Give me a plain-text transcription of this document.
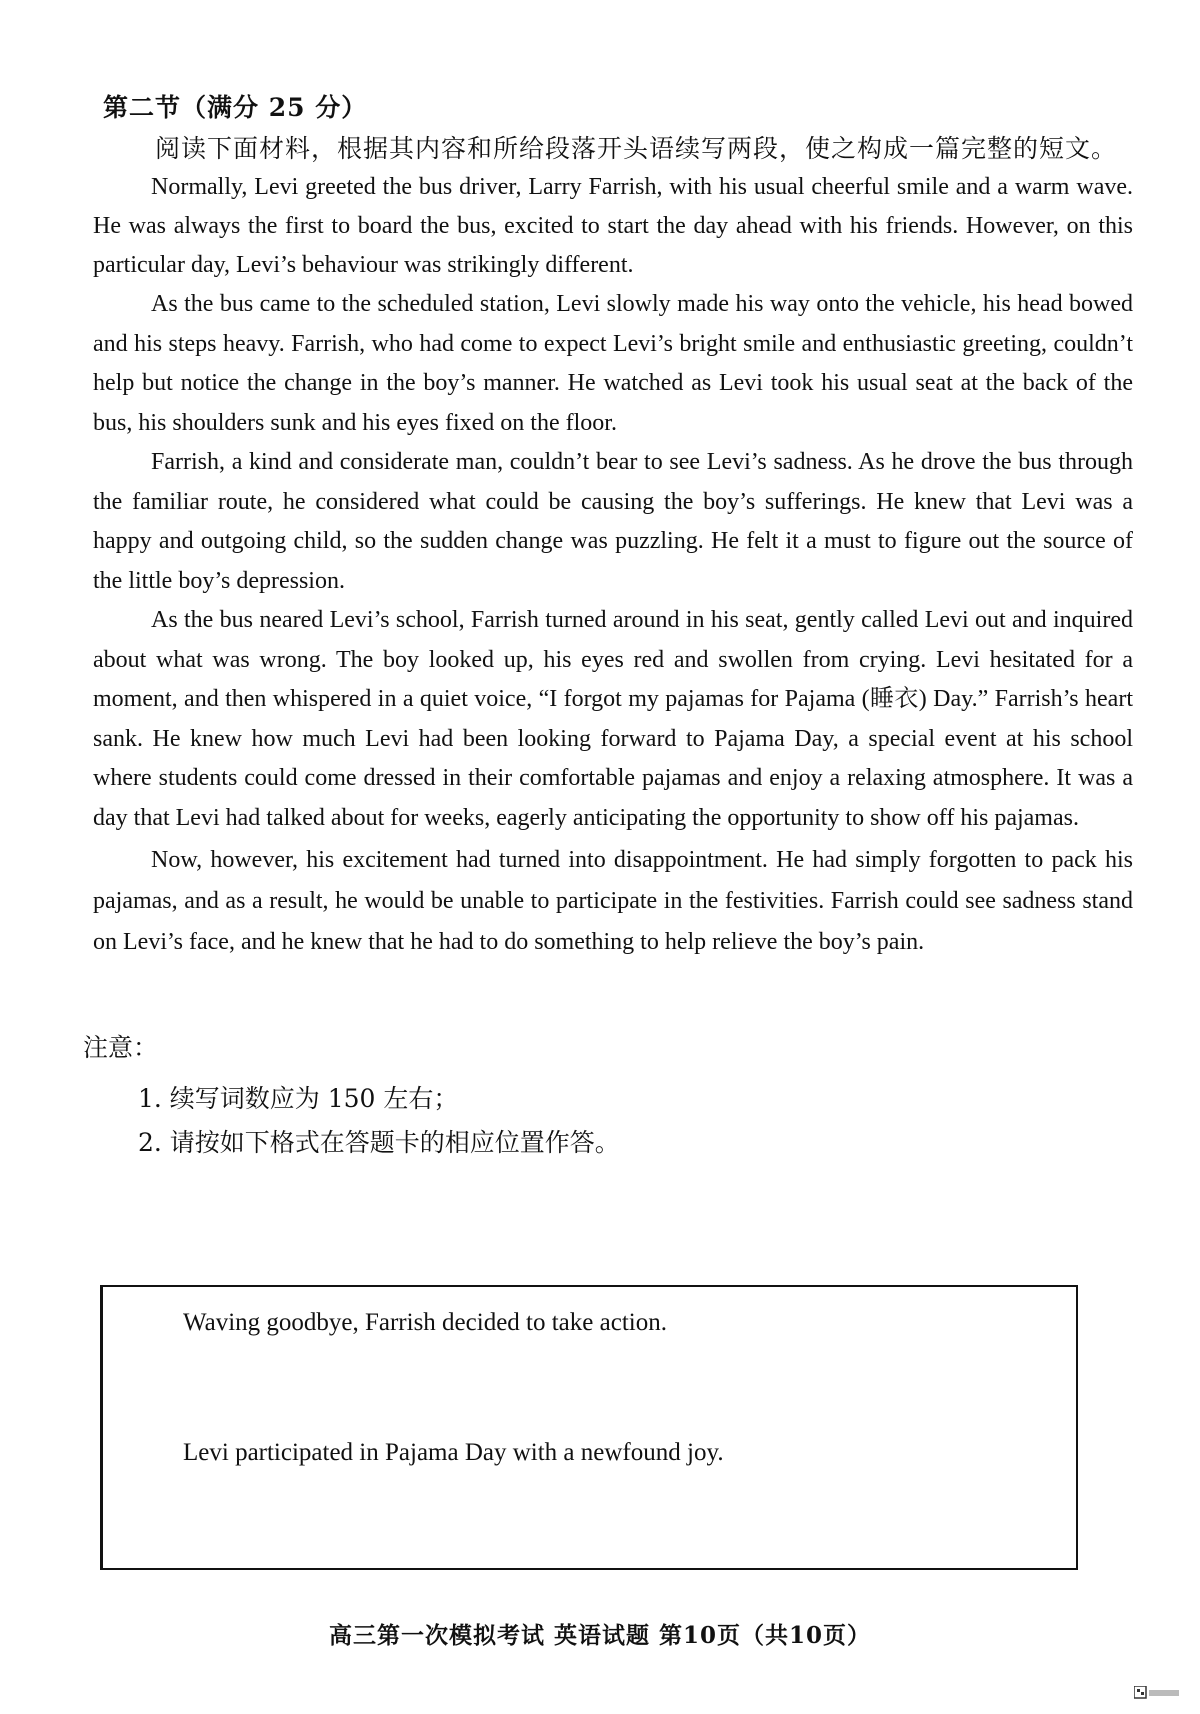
第二节（满分 25 分）
阅读下面材料，根据其内容和所给段落开头语续写两段，使之构成一篇完整的短文。

Normally, Levi greeted the bus driver, Larry Farrish, with his usual cheerful smile and a warm wave. He was always the first to board the bus, excited to start the day ahead with his friends. However, on this particular day, Levi’s behaviour was strikingly different.

As the bus came to the scheduled station, Levi slowly made his way onto the vehicle, his head bowed and his steps heavy. Farrish, who had come to expect Levi’s bright smile and enthusiastic greeting, couldn’t help but notice the change in the boy’s manner. He watched as Levi took his usual seat at the back of the bus, his shoulders sunk and his eyes fixed on the floor.

Farrish, a kind and considerate man, couldn’t bear to see Levi’s sadness. As he drove the bus through the familiar route, he considered what could be causing the boy’s sufferings. He knew that Levi was a happy and outgoing child, so the sudden change was puzzling. He felt it a must to figure out the source of the little boy’s depression.

As the bus neared Levi’s school, Farrish turned around in his seat, gently called Levi out and inquired about what was wrong. The boy looked up, his eyes red and swollen from crying. Levi hesitated for a moment, and then whispered in a quiet voice, “I forgot my pajamas for Pajama (睡衣) Day.” Farrish’s heart sank. He knew how much Levi had been looking forward to Pajama Day, a special event at his school where students could come dressed in their comfortable pajamas and enjoy a relaxing atmosphere. It was a day that Levi had talked about for weeks, eagerly anticipating the opportunity to show off his pajamas.

Now, however, his excitement had turned into disappointment. He had simply forgotten to pack his pajamas, and as a result, he would be unable to participate in the festivities. Farrish could see sadness stand on Levi’s face, and he knew that he had to do something to help relieve the boy’s pain.

注意：
1. 续写词数应为 150 左右；
2. 请按如下格式在答题卡的相应位置作答。
Waving goodbye, Farrish decided to take action.
Levi participated in Pajama Day with a newfound joy.
高三第一次模拟考试 英语试题 第10页（共10页）
